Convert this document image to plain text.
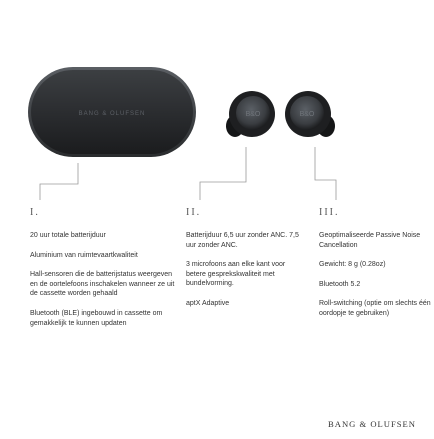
BANG & OLUFSEN	B&O	B&O
I.

20 uur totale batterijduur

Aluminium van ruimtevaartkwaliteit

Hall-sensoren die de batterijstatus weergeven en de oortelefoons inschakelen wanneer ze uit de cassette worden gehaald

Bluetooth (BLE) ingebouwd in cassette om gemakkelijk te kunnen updaten

II.

Batterijduur 6,5 uur zonder ANC. 7,5 uur zonder ANC.

3 microfoons aan elke kant voor betere gesprekskwaliteit met bundelvorming.

aptX Adaptive

III.

Geoptimaliseerde Passive Noise Cancellation

Gewicht: 8 g (0.28oz)

Bluetooth 5.2

Roll-switching (optie om slechts één oordopje te gebruiken)

BANG & OLUFSEN
